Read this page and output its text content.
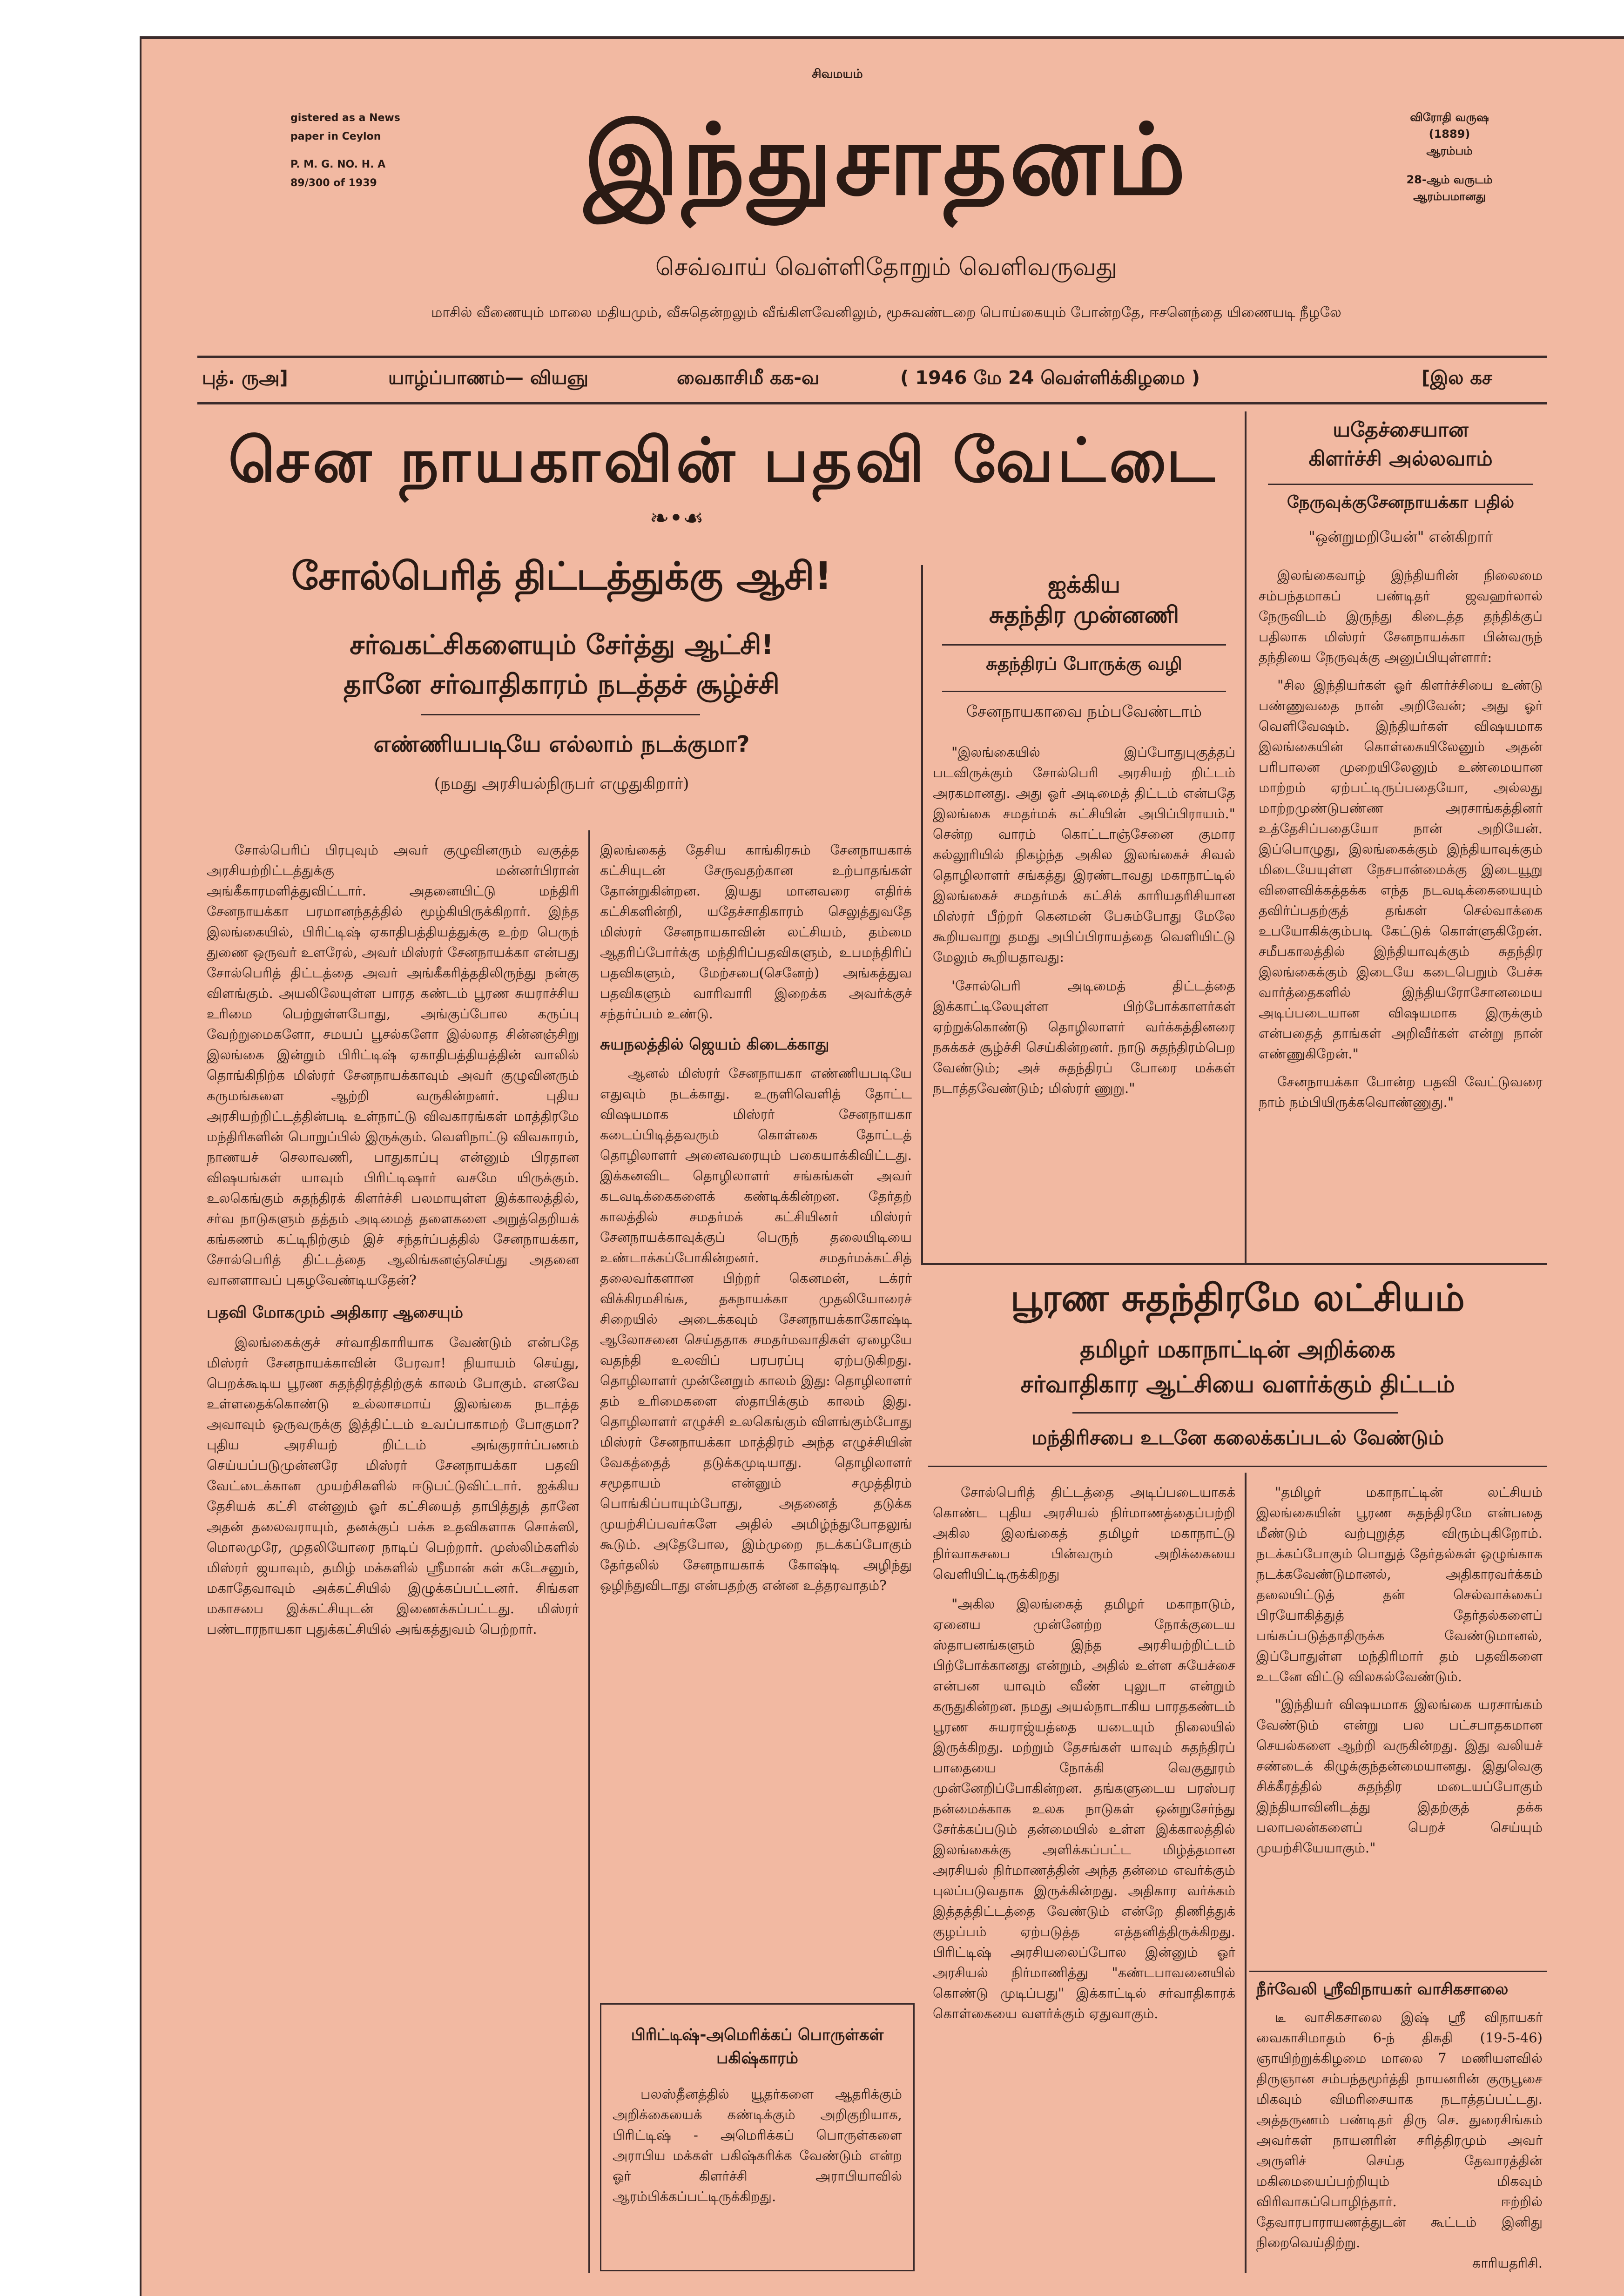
சிவமயம்
gistered as a News
paper in Ceylon
P. M. G. NO. H. A
89/300 of 1939	இந்துசாதனம்	விரோதி வருஷ
(1889)
ஆரம்பம்
28-ஆம் வருடம் ஆரம்பமானது
செவ்வாய் வெள்ளிதோறும் வெளிவருவது
மாசில் வீணையும் மாலை மதியமும், வீசுதென்றலும் வீங்கிளவேனிலும், மூசுவண்டறை பொய்கையும் போன்றதே, ஈசனெந்தை யிணையடி நீழலே
புத். ருஅ]	யாழ்ப்பாணம்— வியஞு	வைகாசிமீ கக-வ	( 1946 மே 24 வெள்ளிக்கிழமை )	[இல கச
சென நாயகாவின் பதவி வேட்டை
❧•☙
சோல்பெரித் திட்டத்துக்கு ஆசி!
சர்வகட்சிகளையும் சேர்த்து ஆட்சி!
தானே சர்வாதிகாரம் நடத்தச் சூழ்ச்சி
எண்ணியபடியே எல்லாம் நடக்குமா?
(நமது அரசியல்நிருபர் எழுதுகிறார்)
சோல்பெரிப் பிரபுவும் அவர் குழுவினரும் வகுத்த அரசியற்றிட்டத்துக்கு மன்னர்பிரான் அங்கீகாரமளித்துவிட்டார். அதனையிட்டு மந்திரி சேனநாயக்கா பரமானந்தத்தில் மூழ்கியிருக்கிறார். இந்த இலங்கையில், பிரிட்டிஷ் ஏகாதிபத்தியத்துக்கு உற்ற பெருந் துணை ஒருவர் உளரேல், அவர் மிஸ்ரர் சேனநாயக்கா என்பது சோல்பெரித் திட்டத்தை அவர் அங்கீகரித்ததிலிருந்து நன்கு விளங்கும். அயலிலேயுள்ள பாரத கண்டம் பூரண சுயராச்சிய உரிமை பெற்றுள்ளபோது, அங்குப்போல கருப்பு வேற்றுமைகளோ, சமயப் பூசல்களோ இல்லாத சின்னஞ்சிறு இலங்கை இன்றும் பிரிட்டிஷ் ஏகாதிபத்தியத்தின் வாலில் தொங்கிநிற்க மிஸ்ரர் சேனநாயக்காவும் அவர் குழுவினரும் கருமங்களை ஆற்றி வருகின்றனர். புதிய அரசியற்றிட்டத்தின்படி உள்நாட்டு விவகாரங்கள் மாத்திரமே மந்திரிகளின் பொறுப்பில் இருக்கும். வெளிநாட்டு விவகாரம், நாணயச் செலாவணி, பாதுகாப்பு என்னும் பிரதான விஷயங்கள் யாவும் பிரிட்டிஷார் வசமே யிருக்கும். உலகெங்கும் சுதந்திரக் கிளர்ச்சி பலமாயுள்ள இக்காலத்தில், சர்வ நாடுகளும் தத்தம் அடிமைத் தளைகளை அறுத்தெறியக் கங்கணம் கட்டிநிற்கும் இச் சந்தர்ப்பத்தில் சேனநாயக்கா, சோல்பெரித் திட்டத்தை ஆலிங்கனஞ்செய்து அதனை வானளாவப் புகழவேண்டியதேன்?
பதவி மோகமும் அதிகார ஆசையும்
இலங்கைக்குச் சர்வாதிகாரியாக வேண்டும் என்பதே மிஸ்ரர் சேனநாயக்காவின் பேரவா! நியாயம் செய்து, பெறக்கூடிய பூரண சுதந்திரத்திற்குக் காலம் போகும். எனவே உள்ளதைக்கொண்டு உல்லாசமாய் இலங்கை நடாத்த அவாவும் ஒருவருக்கு இத்திட்டம் உவப்பாகாமற் போகுமா? புதிய அரசியற் றிட்டம் அங்குரார்ப்பணம் செய்யப்படுமுன்னரே மிஸ்ரர் சேனநாயக்கா பதவி வேட்டைக்கான முயற்சிகளில் ஈடுபட்டுவிட்டார். ஐக்கிய தேசியக் கட்சி என்னும் ஓர் கட்சியைத் தாபித்துத் தானே அதன் தலைவராயும், தனக்குப் பக்க உதவிகளாக சொக்ஸி, மொலமுரே, முதலியோரை நாடிப் பெற்றார். முஸ்லிம்களில் மிஸ்ரர் ஜயாவும், தமிழ் மக்களில் ஸ்ரீமான் கள் கடேசனும், மகாதேவாவும் அக்கட்சியில் இழுக்கப்பட்டனர். சிங்கள மகாசபை இக்கட்சியுடன் இணைக்கப்பட்டது. மிஸ்ரர் பண்டாரநாயகா புதுக்கட்சியில் அங்கத்துவம் பெற்றார்.
இலங்கைத் தேசிய காங்கிரசும் சேனநாயகாக் கட்சியுடன் சேருவதற்கான உற்பாதங்கள் தோன்றுகின்றன. இயது மானவரை எதிர்க் கட்சிகளின்றி, யதேச்சாதிகாரம் செலுத்துவதே மிஸ்ரர் சேனநாயகாவின் லட்சியம், தம்மை ஆதரிப்போர்க்கு மந்திரிப்பதவிகளும், உபமந்திரிப் பதவிகளும், மேற்சபை(செனேற்) அங்கத்துவ பதவிகளும் வாரிவாரி இறைக்க அவர்க்குச் சந்தர்ப்பம் உண்டு.
சுயநலத்தில் ஜெயம் கிடைக்காது
ஆனல் மிஸ்ரர் சேனநாயகா எண்ணியபடியே எதுவும் நடக்காது. உருளிவெளித் தோட்ட விஷயமாக மிஸ்ரர் சேனநாயகா கடைப்பிடித்தவரும் கொள்கை தோட்டத் தொழிலாளர் அனைவரையும் பகையாக்கிவிட்டது. இக்கனவிட தொழிலாளர் சங்கங்கள் அவர் கடவடிக்கைகளைக் கண்டிக்கின்றன. தேர்தற் காலத்தில் சமதர்மக் கட்சியினர் மிஸ்ரர் சேனநாயக்காவுக்குப் பெருந் தலையிடியை உண்டாக்கப்போகின்றனர். சமதர்மக்கட்சித் தலைவர்களான பிற்றர் கெனமன், டக்ரர் விக்கிரமசிங்க, தகநாயக்கா முதலியோரைச் சிறையில் அடைக்கவும் சேனநாயக்காகோஷ்டி ஆலோசனை செய்ததாக சமதர்மவாதிகள் ஏழையே வதந்தி உலவிப் பரபரப்பு ஏற்படுகிறது. தொழிலாளர் முன்னேறும் காலம் இது: தொழிலாளர் தம் உரிமைகளை ஸ்தாபிக்கும் காலம் இது. தொழிலாளர் எழுச்சி உலகெங்கும் விளங்கும்போது மிஸ்ரர் சேனநாயக்கா மாத்திரம் அந்த எழுச்சியின் வேகத்தைத் தடுக்கமுடியாது. தொழிலாளர் சமூதாயம் என்னும் சமுத்திரம் பொங்கிப்பாயும்போது, அதனைத் தடுக்க முயற்சிப்பவர்களே அதில் அமிழ்ந்துபோதலுங் கூடும். அதேபோல, இம்முறை நடக்கப்போகும் தேர்தலில் சேனநாயகாக் கோஷ்டி அழிந்து ஒழிந்துவிடாது என்பதற்கு என்ன உத்தரவாதம்?
பிரிட்டிஷ்-அமெரிக்கப் பொருள்கள் பகிஷ்காரம்
பலஸ்தீனத்தில் யூதர்களை ஆதரிக்கும் அறிக்கையைக் கண்டிக்கும் அறிகுறியாக, பிரிட்டிஷ் - அமெரிக்கப் பொருள்களை அராபிய மக்கள் பகிஷ்கரிக்க வேண்டும் என்ற ஓர் கிளர்ச்சி அராபியாவில் ஆரம்பிக்கப்பட்டிருக்கிறது.
ஐக்கிய
சுதந்திர முன்னணி
சுதந்திரப் போருக்கு வழி
சேனநாயகாவை நம்பவேண்டாம்
"இலங்கையில் இப்போதுபுகுத்தப் படவிருக்கும் சோல்பெரி அரசியற் றிட்டம் அரகமானது. அது ஓர் அடிமைத் திட்டம் என்பதே இலங்கை சமதர்மக் கட்சியின் அபிப்பிராயம்." சென்ற வாரம் கொட்டாஞ்சேனை குமார கல்லூரியில் நிகழ்ந்த அகில இலங்கைச் சிவல் தொழிலாளர் சங்கத்து இரண்டாவது மகாநாட்டில் இலங்கைச் சமதர்மக் கட்சிக் காரியதரிசியான மிஸ்ரர் பீற்றர் கெனமன் பேசும்போது மேலே கூறியவாறு தமது அபிப்பிராயத்தை வெளியிட்டு மேலும் கூறியதாவது:
'சோல்பெரி அடிமைத் திட்டத்தை இக்காட்டிலேயுள்ள பிற்போக்காளர்கள் ஏற்றுக்கொண்டு தொழிலாளர் வர்க்கத்தினரை நசுக்கச் சூழ்ச்சி செய்கின்றனர். நாடு சுதந்திரம்பெற வேண்டும்; அச் சுதந்திரப் போரை மக்கள் நடாத்தவேண்டும்; மிஸ்ரர் ணுறு."
யதேச்சையான
கிளர்ச்சி அல்லவாம்
நேருவுக்குசேனநாயக்கா பதில்
"ஒன்றுமறியேன்" என்கிறார்
இலங்கைவாழ் இந்தியரின் நிலைமை சம்பந்தமாகப் பண்டிதர் ஜவஹர்லால் நேருவிடம் இருந்து கிடைத்த தந்திக்குப் பதிலாக மிஸ்ரர் சேனநாயக்கா பின்வருந் தந்தியை நேருவுக்கு அனுப்பியுள்ளார்:
"சில இந்தியர்கள் ஓர் கிளர்ச்சியை உண்டு பண்ணுவதை நான் அறிவேன்; அது ஓர் வெளிவேஷம். இந்தியர்கள் விஷயமாக இலங்கையின் கொள்கையிலேனும் அதன் பரிபாலன முறையிலேனும் உண்மையான மாற்றம் ஏற்பட்டிருப்பதையோ, அல்லது மாற்றமுண்டுபண்ண அரசாங்கத்தினர் உத்தேசிப்பதையோ நான் அறியேன். இப்பொழுது, இலங்கைக்கும் இந்தியாவுக்கும் மிடையேயுள்ள நேசபான்மைக்கு இடையூறு விளைவிக்கத்தக்க எந்த நடவடிக்கையையும் தவிர்ப்பதற்குத் தங்கள் செல்வாக்கை உபயோகிக்கும்படி கேட்டுக் கொள்ளுகிறேன். சமீபகாலத்தில் இந்தியாவுக்கும் சுதந்திர இலங்கைக்கும் இடையே கடைபெறும் பேச்சு வார்த்தைகளில் இந்தியரோசோனமைய அடிப்படையான விஷயமாக இருக்கும் என்பதைத் தாங்கள் அறிவீர்கள் என்று நான் எண்ணுகிறேன்."
சேனநாயக்கா போன்ற பதவி வேட்டுவரை நாம் நம்பியிருக்கவொண்ணுது."
பூரண சுதந்திரமே லட்சியம்
தமிழர் மகாநாட்டின் அறிக்கை
சர்வாதிகார ஆட்சியை வளர்க்கும் திட்டம்
மந்திரிசபை உடனே கலைக்கப்படல் வேண்டும்
சோல்பெரித் திட்டத்தை அடிப்படையாகக் கொண்ட புதிய அரசியல் நிர்மாணத்தைப்பற்றி அகில இலங்கைத் தமிழர் மகாநாட்டு நிர்வாகசபை பின்வரும் அறிக்கையை வெளியிட்டிருக்கிறது
"அகில இலங்கைத் தமிழர் மகாநாடும், ஏனைய முன்னேற்ற நோக்குடைய ஸ்தாபனங்களும் இந்த அரசியற்றிட்டம் பிற்போக்கானது என்றும், அதில் உள்ள சுயேச்சை என்பன யாவும் வீண் புலுடா என்றும் கருதுகின்றன. நமது அயல்நாடாகிய பாரதகண்டம் பூரண சுயராஜ்யத்தை யடையும் நிலையில் இருக்கிறது. மற்றும் தேசங்கள் யாவும் சுதந்திரப் பாதையை நோக்கி வெகுதூரம் முன்னேறிப்போகின்றன. தங்களுடைய பரஸ்பர நன்மைக்காக உலக நாடுகள் ஒன்றுசேர்ந்து சேர்க்கப்படும் தன்மையில் உள்ள இக்காலத்தில் இலங்கைக்கு அளிக்கப்பட்ட மிழ்த்தமான அரசியல் நிர்மாணத்தின் அந்த தன்மை எவர்க்கும் புலப்படுவதாக இருக்கின்றது. அதிகார வர்க்கம் இத்தத்திட்டத்தை வேண்டும் என்றே திணித்துக் குழப்பம் ஏற்படுத்த எத்தனித்திருக்கிறது. பிரிட்டிஷ் அரசியலைப்போல இன்னும் ஓர் அரசியல் நிர்மாணித்து "கண்டபாவனையில் கொண்டு முடிப்பது" இக்காட்டில் சர்வாதிகாரக் கொள்கையை வளர்க்கும் ஏதுவாகும்.
"தமிழர் மகாநாட்டின் லட்சியம் இலங்கையின் பூரண சுதந்திரமே என்பதை மீண்டும் வற்புறுத்த விரும்புகிறோம். நடக்கப்போகும் பொதுத் தேர்தல்கள் ஒழுங்காக நடக்கவேண்டுமானல், அதிகாரவர்க்கம் தலையிட்டுத் தன் செல்வாக்கைப் பிரயோகித்துத் தேர்தல்களைப் பங்கப்படுத்தாதிருக்க வேண்டுமானல், இப்போதுள்ள மந்திரிமார் தம் பதவிகளை உடனே விட்டு விலகல்வேண்டும்.
"இந்தியர் விஷயமாக இலங்கை யரசாங்கம் வேண்டும் என்று பல பட்சபாதகமான செயல்களை ஆற்றி வருகின்றது. இது வலியச் சண்டைக் கிழுக்குந்தன்மையானது. இதுவெகு சிக்கீரத்தில் சுதந்திர மடையப்போகும் இந்தியாவினிடத்து இதற்குத் தக்க பலாபலன்களைப் பெறச் செய்யும் முயற்சியேயாகும்."
நீர்வேலி ஸ்ரீவிநாயகர் வாசிகசாலை
டீ வாசிகசாலை இஷ் ஸ்ரீ விநாயகர் வைகாசிமாதம் 6-ந் திகதி (19-5-46) ஞாயிற்றுக்கிழமை மாலை 7 மணியளவில் திருஞான சம்பந்தமூர்த்தி நாயனரின் குருபூசை மிகவும் விமரிசையாக நடாத்தப்பட்டது. அத்தருணம் பண்டிதர் திரு செ. துரைசிங்கம் அவர்கள் நாயனரின் சரித்திரமும் அவர் அருளிச் செய்த தேவாரத்தின் மகிமையைப்பற்றியும் மிகவும் விரிவாகப்பொழிந்தார். ஈற்றில் தேவாரபாராயணத்துடன் கூட்டம் இனிது நிறைவெய்திற்று.
காரியதரிசி.
